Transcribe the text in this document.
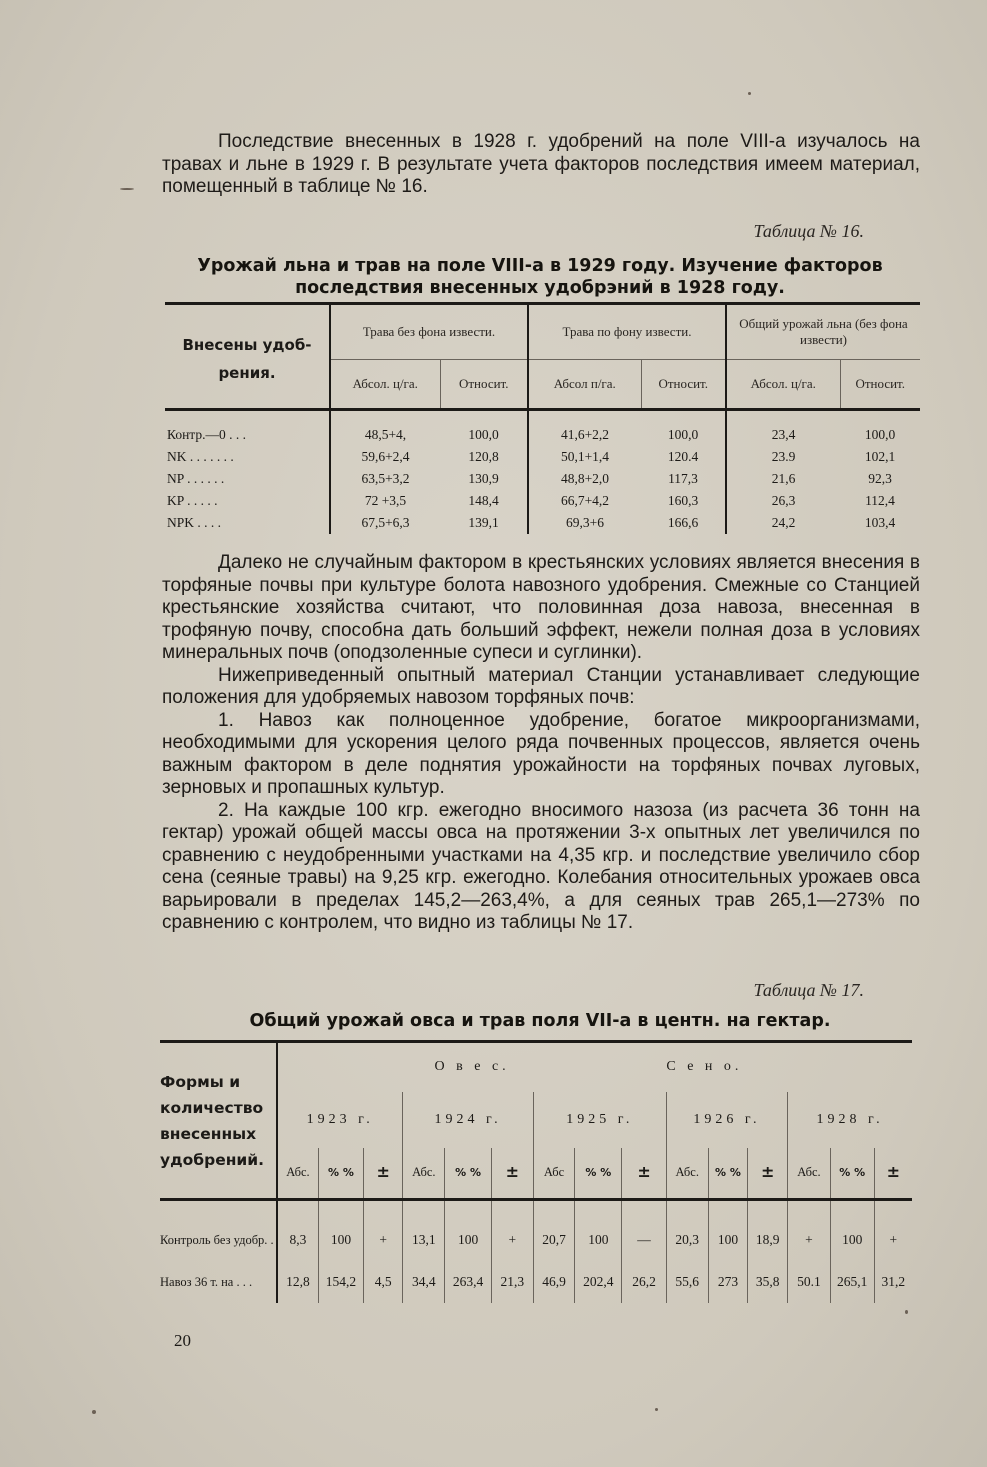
Последствие внесенных в 1928 г. удобрений на поле VIII-а изучалось на травах и льне в 1929 г. В результате учета факторов последствия имеем материал, помещенный в таблице № 16.

Таблица № 16.
Урожай льна и трав на поле VIII-а в 1929 году. Изучение факторов последствия внесенных удобрэний в 1928 году.
Внесены удоб-	Трава без фона извести.		Трава по фону извести.		Общий урожай льна (без фона извести)	
рения.	Абсол. ц/га.	Относит.	Абсол п/га.	Относит.	Абсол. ц/га.	Относит.

Контр.—0 . . .	48,5+4,	100,0	41,6+2,2	100,0	23,4	100,0
NK . . . . . . .	59,6+2,4	120,8	50,1+1,4	120.4	23.9	102,1
NP . . . . . .	63,5+3,2	130,9	48,8+2,0	117,3	21,6	92,3
KP . . . . .	72 +3,5	148,4	66,7+4,2	160,3	26,3	112,4
NPK . . . .	67,5+6,3	139,1	69,3+6	166,6	24,2	103,4

Далеко не случайным фактором в крестьянских условиях является внесения в торфяные почвы при культуре болота навозного удобрения. Смежные со Станцией крестьянские хозяйства считают, что половинная доза навоза, внесенная в трофяную почву, способна дать больший эффект, нежели полная доза в условиях минеральных почв (оподзоленные супеси и суглинки).

Нижеприведенный опытный материал Станции устанавливает следующие положения для удобряемых навозом торфяных почв:

1. Навоз как полноценное удобрение, богатое микроорганизмами, необходимыми для ускорения целого ряда почвенных процессов, является очень важным фактором в деле поднятия урожайности на торфяных почвах луговых, зерновых и пропашных культур.

2. На каждые 100 кгр. ежегодно вносимого назоза (из расчета 36 тонн на гектар) урожай общей массы овса на протяжении 3-х опытных лет увеличился по сравнению с неудобренными участками на 4,35 кгр. и последствие увеличило сбор сена (сеяные травы) на 9,25 кгр. ежегодно. Колебания относительных урожаев овса варьировали в пределах 145,2—263,4%, а для сеяных трав 265,1—273% по сравнению с контролем, что видно из таблицы № 17.

Таблица № 17.
Общий урожай овса и трав поля VII-а в центн. на гектар.
Формы и количество внесенных удобрений.	О в е с.									С е н о.					
	1923 г.			1924 г.			1925 г.			1926 г.			1928 г.		
	Абс.	% %	±	Абс.	% %	±	Абс	% %	±	Абс.	% %	±	Абс.	% %	±
Контроль без удобр. .	8,3	100	+	13,1	100	+	20,7	100	—	20,3	100	18,9	+	100	+
Навоз 36 т. на . . .	12,8	154,2	4,5	34,4	263,4	21,3	46,9	202,4	26,2	55,6	273	35,8	50.1	265,1	31,2
20
